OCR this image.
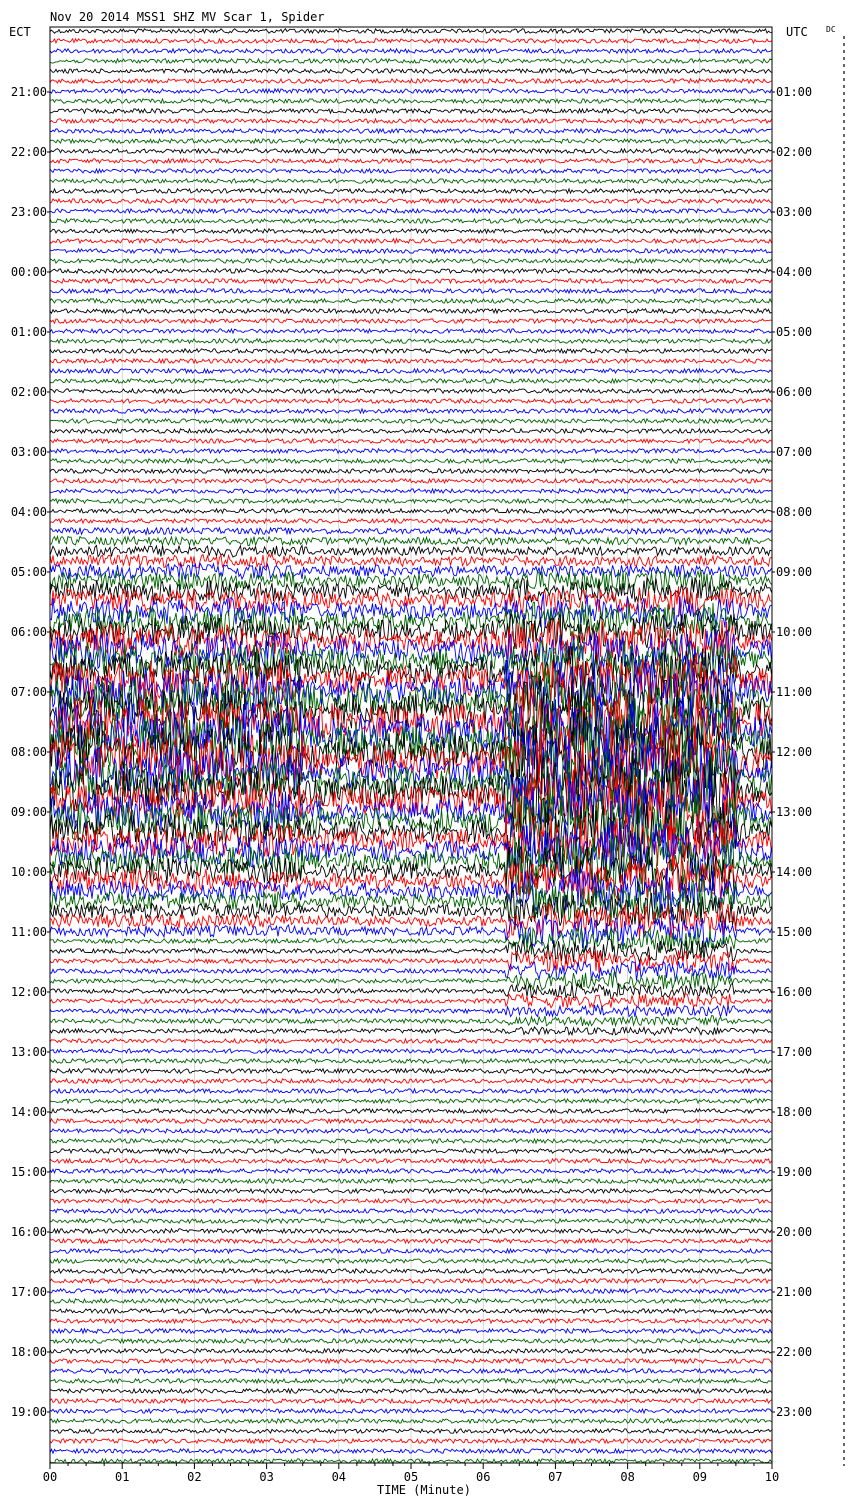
Nov 20 2014 MSS1 SHZ MV Scar 1, Spider
ECT	UTC DC
21:00
22:00
23:00
00:00
01:00
02:00
03:00
04:00
05:00
06:00
07:00
08:00
09:00
10:00
11:00
12:00
13:00
14:00
15:00
16:00
17:00
18:00
19:00
01:00
02:00
03:00
04:00
05:00
06:00
07:00
08:00
09:00
10:00
11:00
12:00
13:00
14:00
15:00
16:00
17:00
18:00
19:00
20:00
21:00
22:00
23:00
00	01	02	03	04	05	06	07	08	09	10
TIME (Minute)
